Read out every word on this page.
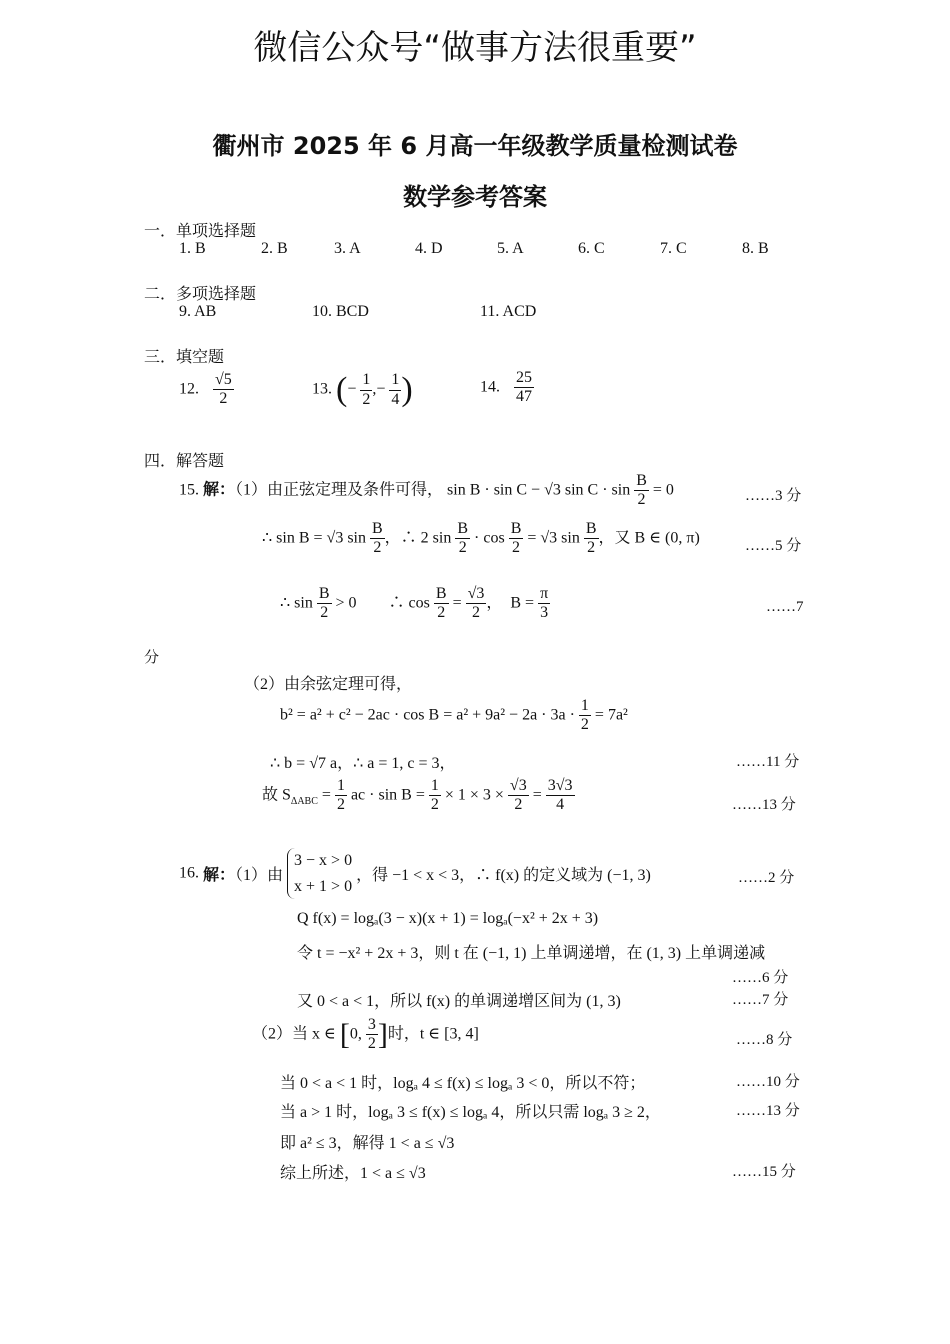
微信公众号“做事方法很重要”
衢州市 2025 年 6 月高一年级教学质量检测试卷
数学参考答案
一．单项选择题
1. B	2. B	3. A	4. D	5. A	6. C	7. C	8. B
二．多项选择题
9. AB	10. BCD	11. ACD
三．填空题
12. $\frac{√5}{2}$	13. (− $\frac{1}{2}$ ,− $\frac{1}{4}$ )	14. $\frac{25}{47}$
四．解答题
15. 解：（1）由正弦定理及条件可得， sin B · sin C − √3 $\sin C \cdot \sin \frac{B}{2} = 0$	……3 分
∴ sin B = √3 $\sin \frac{B}{2}$ ，∴ 2 $\sin \frac{B}{2} \cdot \cos \frac{B}{2} = √3$ $\sin \frac{B}{2}$ ，又 B ∈ (0, π)	……5 分
∴ $\sin \frac{B}{2} > 0$　　∴ $\cos \frac{B}{2} = \frac{√3}{2}$ ，　$B = \frac{\pi}{3}$	……7
分
（2）由余弦定理可得，
$b^2 = a^2 + c^2 - 2ac \cdot \cos B = a^2 + 9a^2 - 2a \cdot 3a \cdot \frac{1}{2} = 7a^2$
∴ b = √7 a，∴ a = 1, c = 3，	……11 分
故 $S_{\Delta ABC} = \frac{1}{2}$ ac · $\sin B = \frac{1}{2} \times 1 \times 3 \times \frac{√3}{2} = \frac{3√3}{4}$	……13 分
16. 解：（1）由
3 − x > 0
x + 1 > 0
，得 −1 < x < 3，∴ f(x) 的定义域为 (−1, 3)	……2 分
Q f(x) = logₐ(3 − x)(x + 1) = logₐ(−x² + 2x + 3)
令 t = −x² + 2x + 3，则 t 在 (−1, 1) 上单调递增，在 (1, 3) 上单调递减
……6 分
又 0 < a < 1，所以 f(x) 的单调递增区间为 (1, 3)	……7 分
（2）当 x ∈ [0, $\frac{3}{2}$ ]时，t ∈ [3, 4]	……8 分
当 0 < a < 1 时，logₐ 4 ≤ f(x) ≤ logₐ 3 < 0，所以不符；	……10 分
当 a > 1 时，logₐ 3 ≤ f(x) ≤ logₐ 4，所以只需 logₐ 3 ≥ 2，	……13 分
即 a² ≤ 3，解得 1 < a ≤ √3
综上所述，1 < a ≤ √3	……15 分
